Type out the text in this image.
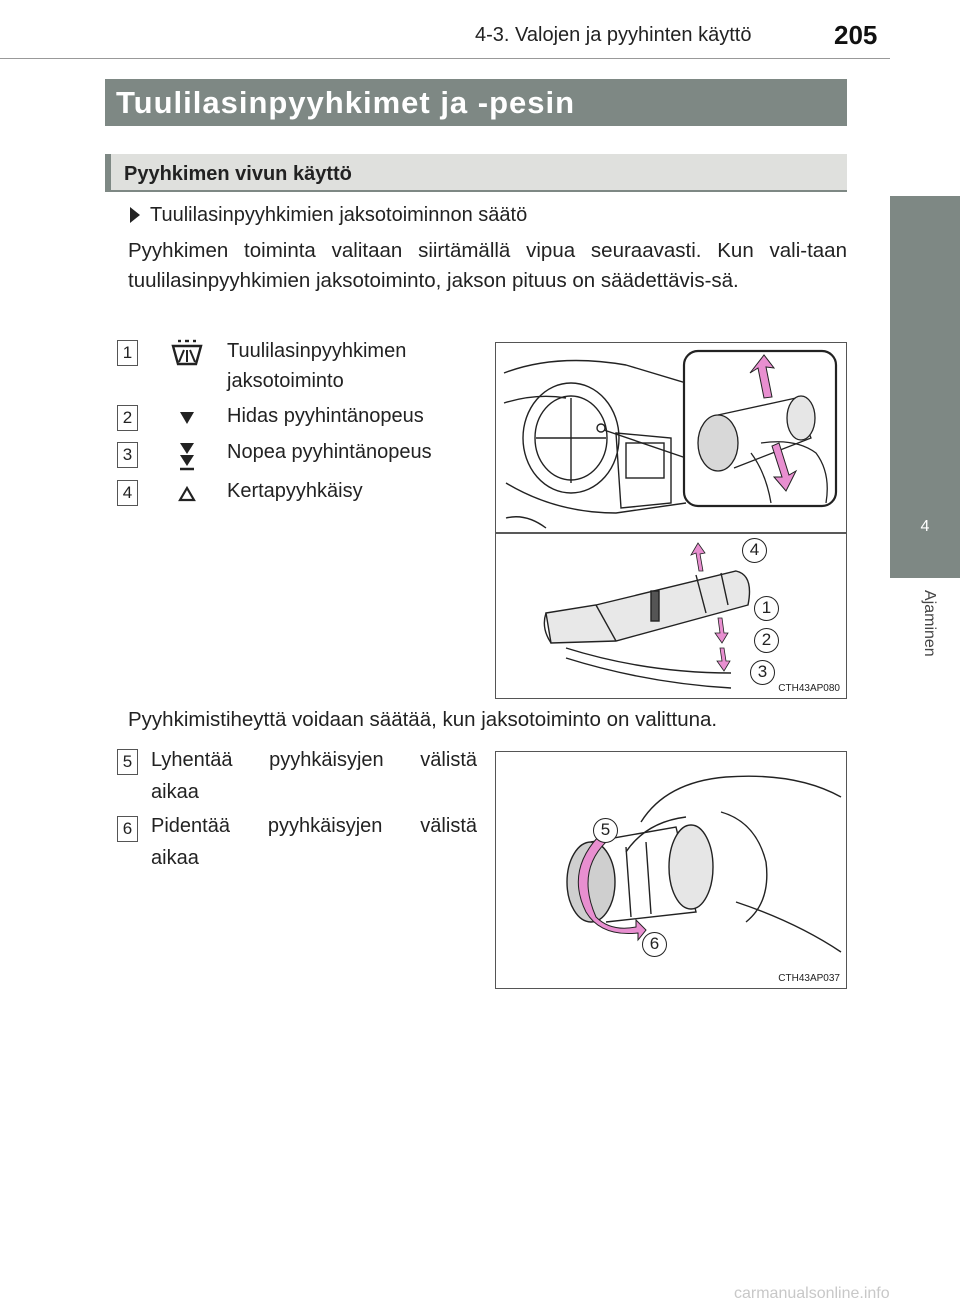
4-3. Valojen ja pyyhinten käyttö	205
4
Ajaminen
Tuulilasinpyyhkimet ja -pesin
Pyyhkimen vivun käyttö
Tuulilasinpyyhkimien jaksotoiminnon säätö
Pyyhkimen toiminta valitaan siirtämällä vipua seuraavasti. Kun vali-taan tuulilasinpyyhkimien jaksotoiminto, jakson pituus on säädettävis-sä.
1	Tuulilasinpyyhkimen
jaksotoiminto
2	Hidas pyyhintänopeus
3	Nopea pyyhintänopeus
4	Kertapyyhkäisy
4
1
2
3
CTH43AP080
Pyyhkimistiheyttä voidaan säätää, kun jaksotoiminto on valittuna.
5 Lyhentää pyyhkäisyjen välistä
aikaa
6 Pidentää pyyhkäisyjen välistä
aikaa
5
6
CTH43AP037
carmanualsonline.info
